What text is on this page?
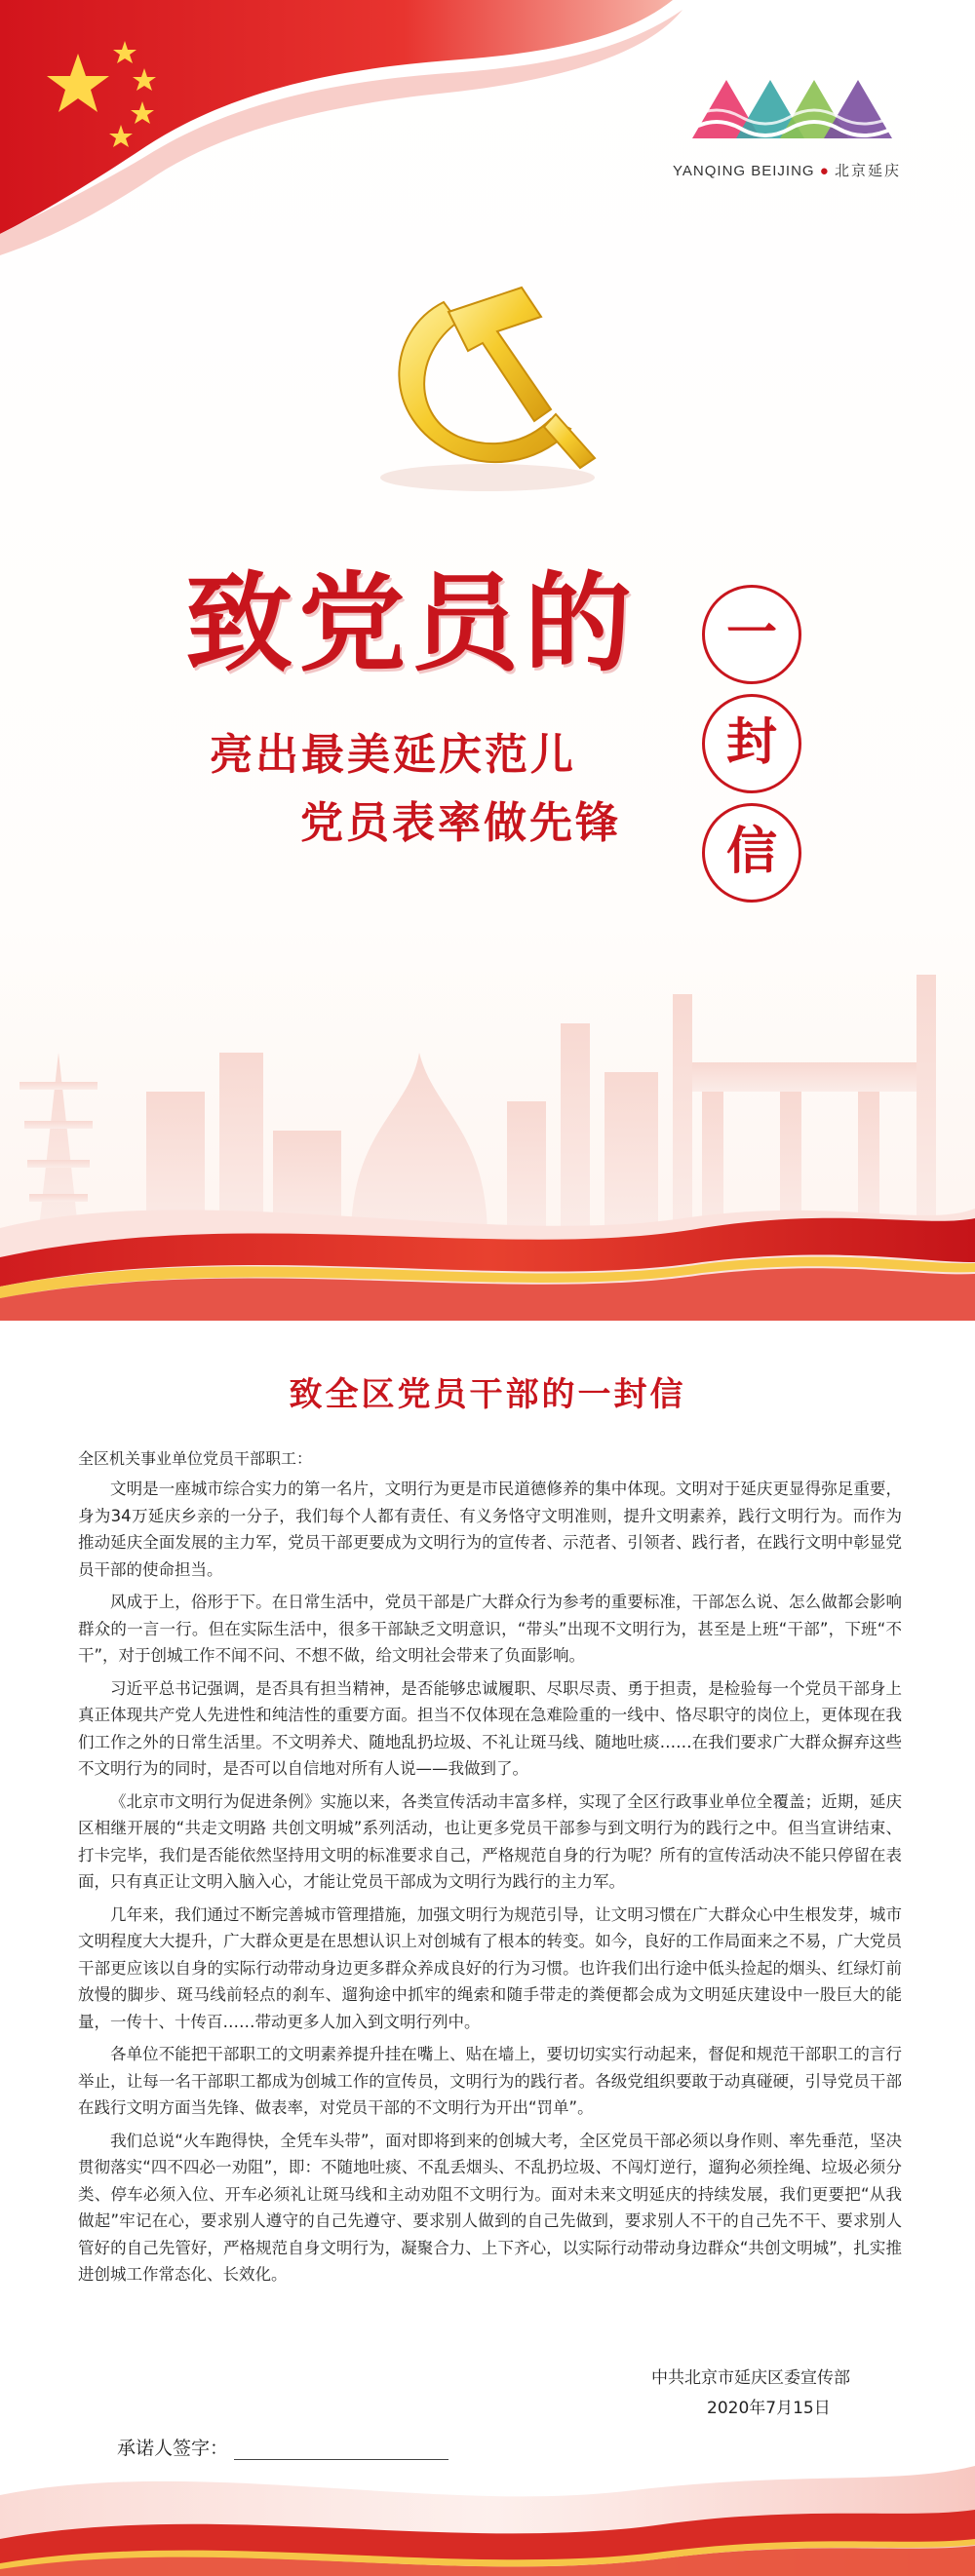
YANQING BEIJING ● 北京延庆
致党员的	一
封
信
亮出最美延庆范儿
党员表率做先锋
致全区党员干部的一封信
全区机关事业单位党员干部职工：

文明是一座城市综合实力的第一名片，文明行为更是市民道德修养的集中体现。文明对于延庆更显得弥足重要，身为34万延庆乡亲的一分子，我们每个人都有责任、有义务恪守文明准则，提升文明素养，践行文明行为。而作为推动延庆全面发展的主力军，党员干部更要成为文明行为的宣传者、示范者、引领者、践行者，在践行文明中彰显党员干部的使命担当。

风成于上，俗形于下。在日常生活中，党员干部是广大群众行为参考的重要标准，干部怎么说、怎么做都会影响群众的一言一行。但在实际生活中，很多干部缺乏文明意识，“带头”出现不文明行为，甚至是上班“干部”，下班“不干”，对于创城工作不闻不问、不想不做，给文明社会带来了负面影响。

习近平总书记强调，是否具有担当精神，是否能够忠诚履职、尽职尽责、勇于担责，是检验每一个党员干部身上真正体现共产党人先进性和纯洁性的重要方面。担当不仅体现在急难险重的一线中、恪尽职守的岗位上，更体现在我们工作之外的日常生活里。不文明养犬、随地乱扔垃圾、不礼让斑马线、随地吐痰……在我们要求广大群众摒弃这些不文明行为的同时，是否可以自信地对所有人说——我做到了。

《北京市文明行为促进条例》实施以来，各类宣传活动丰富多样，实现了全区行政事业单位全覆盖；近期，延庆区相继开展的“共走文明路 共创文明城”系列活动，也让更多党员干部参与到文明行为的践行之中。但当宣讲结束、打卡完毕，我们是否能依然坚持用文明的标准要求自己，严格规范自身的行为呢？所有的宣传活动决不能只停留在表面，只有真正让文明入脑入心，才能让党员干部成为文明行为践行的主力军。

几年来，我们通过不断完善城市管理措施，加强文明行为规范引导，让文明习惯在广大群众心中生根发芽，城市文明程度大大提升，广大群众更是在思想认识上对创城有了根本的转变。如今，良好的工作局面来之不易，广大党员干部更应该以自身的实际行动带动身边更多群众养成良好的行为习惯。也许我们出行途中低头捡起的烟头、红绿灯前放慢的脚步、斑马线前轻点的刹车、遛狗途中抓牢的绳索和随手带走的粪便都会成为文明延庆建设中一股巨大的能量，一传十、十传百……带动更多人加入到文明行列中。

各单位不能把干部职工的文明素养提升挂在嘴上、贴在墙上，要切切实实行动起来，督促和规范干部职工的言行举止，让每一名干部职工都成为创城工作的宣传员，文明行为的践行者。各级党组织要敢于动真碰硬，引导党员干部在践行文明方面当先锋、做表率，对党员干部的不文明行为开出“罚单”。

我们总说“火车跑得快，全凭车头带”，面对即将到来的创城大考，全区党员干部必须以身作则、率先垂范，坚决贯彻落实“四不四必一劝阻”，即：不随地吐痰、不乱丢烟头、不乱扔垃圾、不闯灯逆行，遛狗必须拴绳、垃圾必须分类、停车必须入位、开车必须礼让斑马线和主动劝阻不文明行为。面对未来文明延庆的持续发展，我们更要把“从我做起”牢记在心，要求别人遵守的自己先遵守、要求别人做到的自己先做到，要求别人不干的自己先不干、要求别人管好的自己先管好，严格规范自身文明行为，凝聚合力、上下齐心，以实际行动带动身边群众“共创文明城”，扎实推进创城工作常态化、长效化。

中共北京市延庆区委宣传部
2020年7月15日
承诺人签字：
